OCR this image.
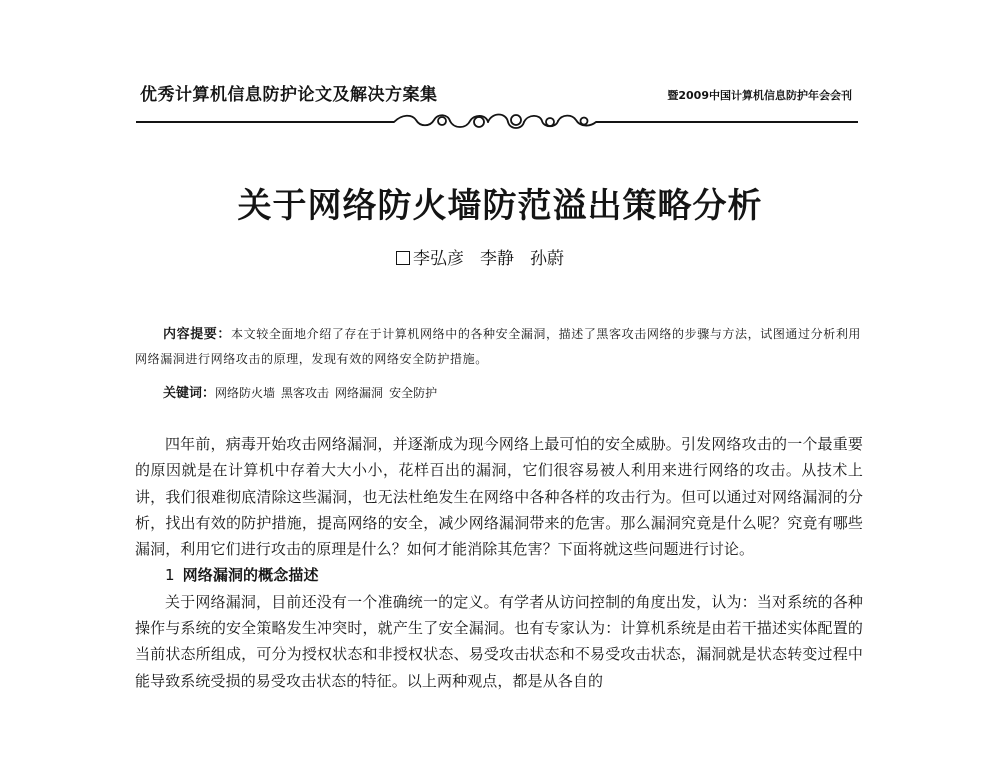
优秀计算机信息防护论文及解决方案集	暨2009中国计算机信息防护年会会刊
关于网络防火墙防范溢出策略分析
李弘彦 李静 孙蔚
内容提要：本文较全面地介绍了存在于计算机网络中的各种安全漏洞，描述了黑客攻击网络的步骤与方法，试图通过分析利用网络漏洞进行网络攻击的原理，发现有效的网络安全防护措施。
关键词：网络防火墙 黑客攻击 网络漏洞 安全防护

四年前，病毒开始攻击网络漏洞，并逐渐成为现今网络上最可怕的安全威胁。引发网络攻击的一个最重要的原因就是在计算机中存着大大小小，花样百出的漏洞，它们很容易被人利用来进行网络的攻击。从技术上讲，我们很难彻底清除这些漏洞，也无法杜绝发生在网络中各种各样的攻击行为。但可以通过对网络漏洞的分析，找出有效的防护措施，提高网络的安全，减少网络漏洞带来的危害。那么漏洞究竟是什么呢？究竟有哪些漏洞，利用它们进行攻击的原理是什么？如何才能消除其危害？下面将就这些问题进行讨论。

1 网络漏洞的概念描述

关于网络漏洞，目前还没有一个准确统一的定义。有学者从访问控制的角度出发，认为：当对系统的各种操作与系统的安全策略发生冲突时，就产生了安全漏洞。也有专家认为：计算机系统是由若干描述实体配置的当前状态所组成，可分为授权状态和非授权状态、易受攻击状态和不易受攻击状态，漏洞就是状态转变过程中能导致系统受损的易受攻击状态的特征。以上两种观点，都是从各自的
